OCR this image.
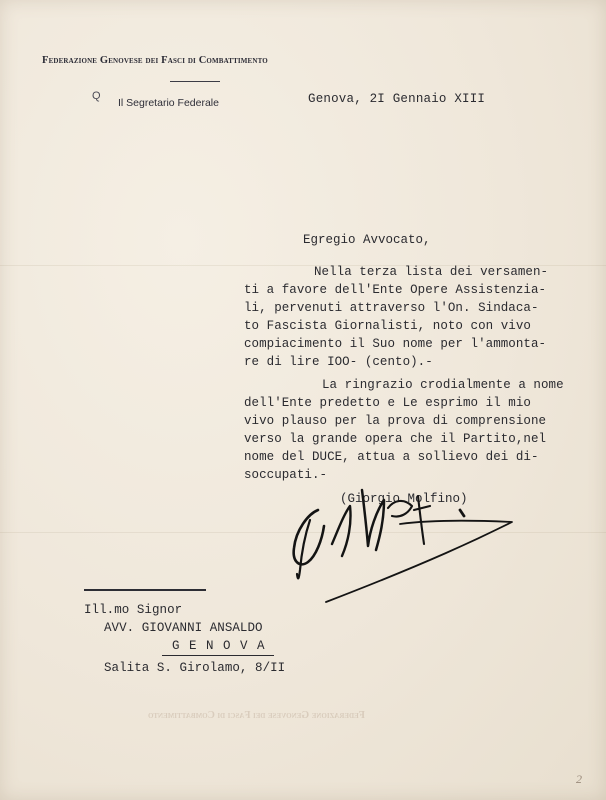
Federazione Genovese dei Fasci di Combattimento
Q
Il Segretario Federale	Genova, 2I Gennaio XIII
Egregio Avvocato,
Nella terza lista dei versamen-
ti a favore dell'Ente Opere Assistenzia-
li, pervenuti attraverso l'On. Sindaca-
to Fascista Giornalisti, noto con vivo
compiacimento il Suo nome per l'ammonta-
re di lire IOO- (cento).-
La ringrazio crodialmente a nome
dell'Ente predetto e Le esprimo il mio
vivo plauso per la prova di comprensione
verso la grande opera che il Partito,nel
nome del DUCE, attua a sollievo dei di-
soccupati.-
(Giorgio Molfino)
Ill.mo Signor
AVV. GIOVANNI ANSALDO
G E N O V A
Salita S. Girolamo, 8/II
Federazione Genovese dei Fasci di Combattimento
2
